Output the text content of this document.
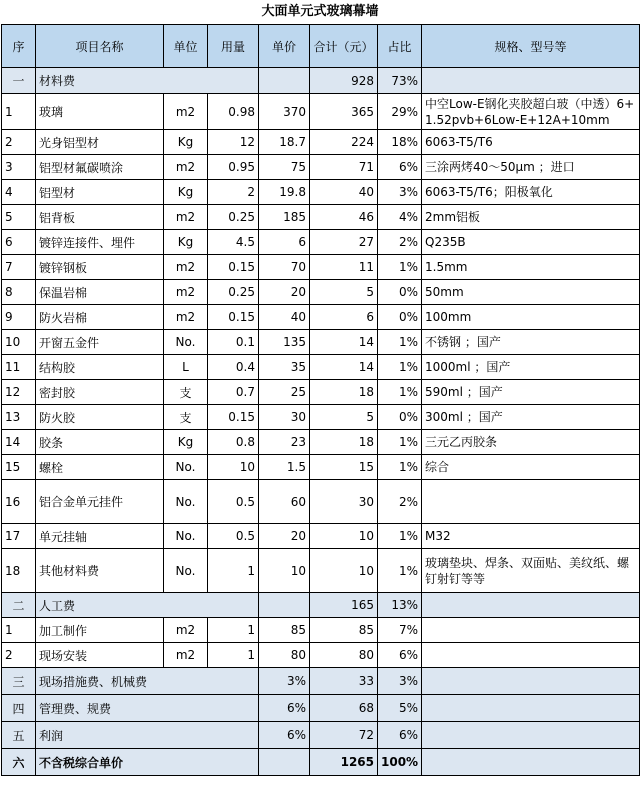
大面单元式玻璃幕墙
序	项目名称	单位	用量	单价	合计（元）	占比	规格、型号等
一	材料费				928	73%	
1	玻璃	m2	0.98	370	365	29%	中空Low-E钢化夹胶超白玻（中透）6+1.52pvb+6Low-E+12A+10mm
2	光身铝型材	Kg	12	18.7	224	18%	6063-T5/T6
3	铝型材氟碳喷涂	m2	0.95	75	71	6%	三涂两烤40～50μm ；进口
4	铝型材	Kg	2	19.8	40	3%	6063-T5/T6；阳极氧化
5	铝背板	m2	0.25	185	46	4%	2mm铝板
6	镀锌连接件、埋件	Kg	4.5	6	27	2%	Q235B
7	镀锌钢板	m2	0.15	70	11	1%	1.5mm
8	保温岩棉	m2	0.25	20	5	0%	50mm
9	防火岩棉	m2	0.15	40	6	0%	100mm
10	开窗五金件	No.	0.1	135	14	1%	不锈钢 ；国产
11	结构胶	L	0.4	35	14	1%	1000ml ；国产
12	密封胶	支	0.7	25	18	1%	590ml ；国产
13	防火胶	支	0.15	30	5	0%	300ml ；国产
14	胶条	Kg	0.8	23	18	1%	三元乙丙胶条
15	螺栓	No.	10	1.5	15	1%	综合
16	铝合金单元挂件	No.	0.5	60	30	2%	
17	单元挂轴	No.	0.5	20	10	1%	M32
18	其他材料费	No.	1	10	10	1%	玻璃垫块、焊条、双面贴、美纹纸、螺钉射钉等等
二	人工费				165	13%	
1	加工制作	m2	1	85	85	7%	
2	现场安装	m2	1	80	80	6%	
三	现场措施费、机械费			3%	33	3%	
四	管理费、规费			6%	68	5%	
五	利润			6%	72	6%	
六	不含税综合单价				1265	100%	
